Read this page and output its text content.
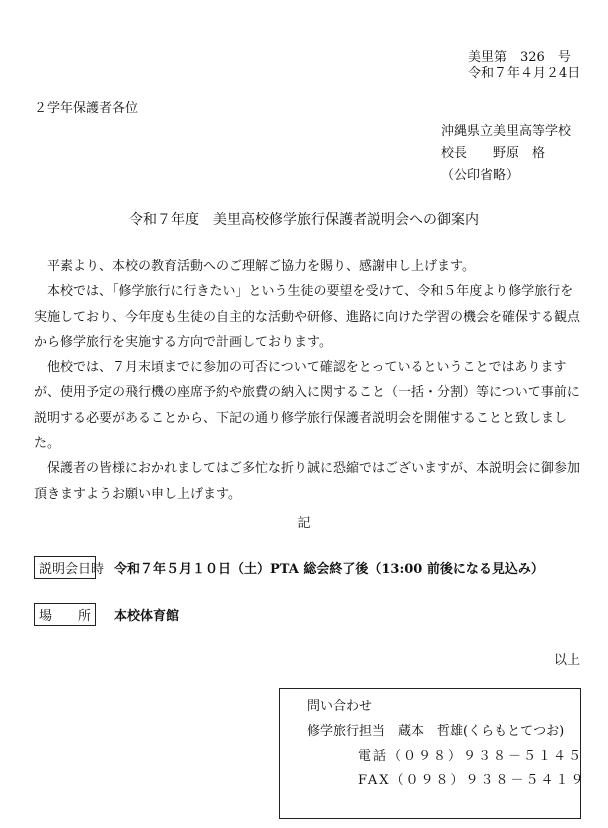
美里第　326　号
令和７年４月２4日
２学年保護者各位
沖縄県立美里高等学校
校長　　野原　格
（公印省略）
令和７年度　美里高校修学旅行保護者説明会への御案内

平素より、本校の教育活動へのご理解ご協力を賜り、感謝申し上げます。

本校では、「修学旅行に行きたい」という生徒の要望を受けて、令和５年度より修学旅行を実施しており、今年度も生徒の自主的な活動や研修、進路に向けた学習の機会を確保する観点から修学旅行を実施する方向で計画しております。

他校では、７月末頃までに参加の可否について確認をとっているということではありますが、使用予定の飛行機の座席予約や旅費の納入に関すること（一括・分割）等について事前に説明する必要があることから、下記の通り修学旅行保護者説明会を開催することと致しました。

保護者の皆様におかれましてはご多忙な折り誠に恐縮ではございますが、本説明会に御参加頂きますようお願い申し上げます。

記
説明会日時 令和７年５月１０日（土）PTA 総会終了後（13:00 前後になる見込み）
場 所 本校体育館
以上
問い合わせ
修学旅行担当　蔵本　哲雄(くらもとてつお)
電話（０９８）９３８－５１４５
FAX（０９８）９３８－５４１９
